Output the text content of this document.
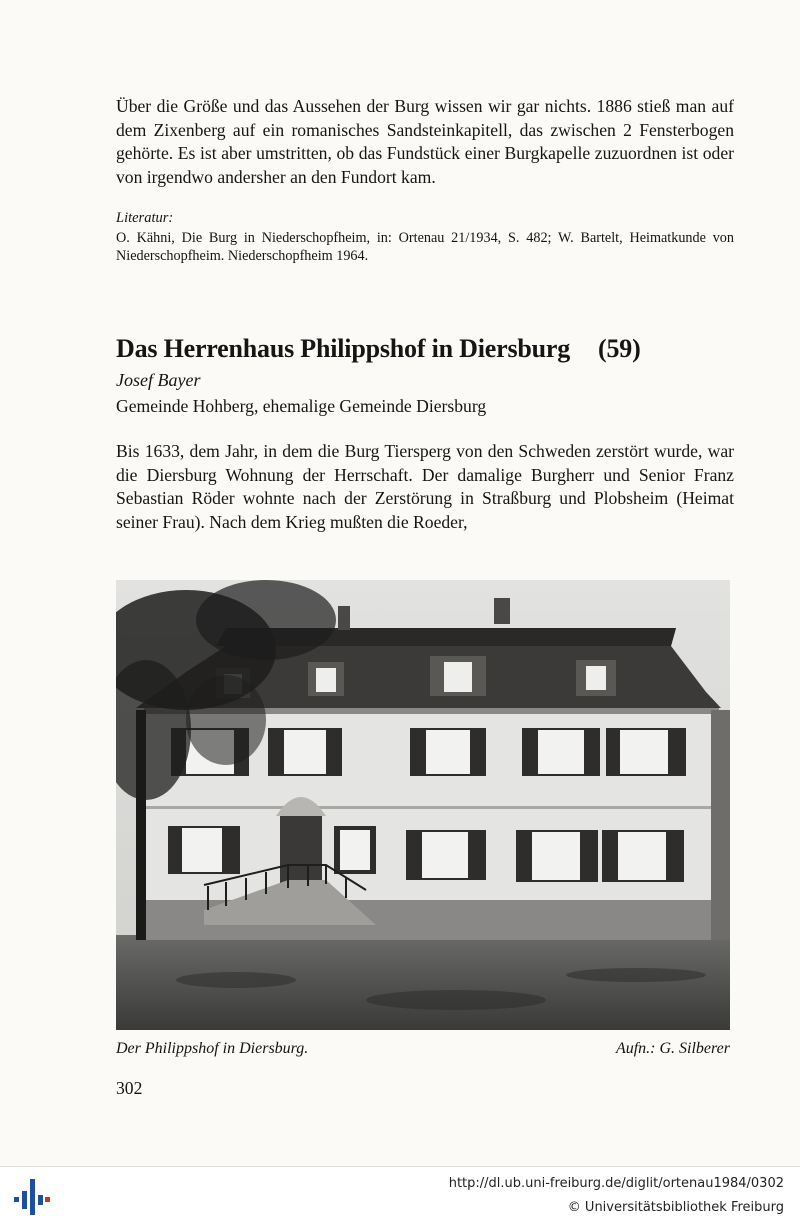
Über die Größe und das Aussehen der Burg wissen wir gar nichts. 1886 stieß man auf dem Zixenberg auf ein romanisches Sandsteinkapitell, das zwischen 2 Fensterbogen gehörte. Es ist aber umstritten, ob das Fundstück einer Burgkapelle zuzuordnen ist oder von irgendwo andersher an den Fundort kam.

Literatur:

O. Kähni, Die Burg in Niederschopfheim, in: Ortenau 21/1934, S. 482; W. Bartelt, Heimatkunde von Niederschopfheim. Niederschopfheim 1964.

Das Herrenhaus Philippshof in Diersburg (59)
Josef Bayer
Gemeinde Hohberg, ehemalige Gemeinde Diersburg

Bis 1633, dem Jahr, in dem die Burg Tiersperg von den Schweden zerstört wurde, war die Diersburg Wohnung der Herrschaft. Der damalige Burgherr und Senior Franz Sebastian Röder wohnte nach der Zerstörung in Straßburg und Plobsheim (Heimat seiner Frau). Nach dem Krieg mußten die Roeder,

Der Philippshof in Diersburg.	Aufn.: G. Silberer
302
http://dl.ub.uni-freiburg.de/diglit/ortenau1984/0302
© Universitätsbibliothek Freiburg
